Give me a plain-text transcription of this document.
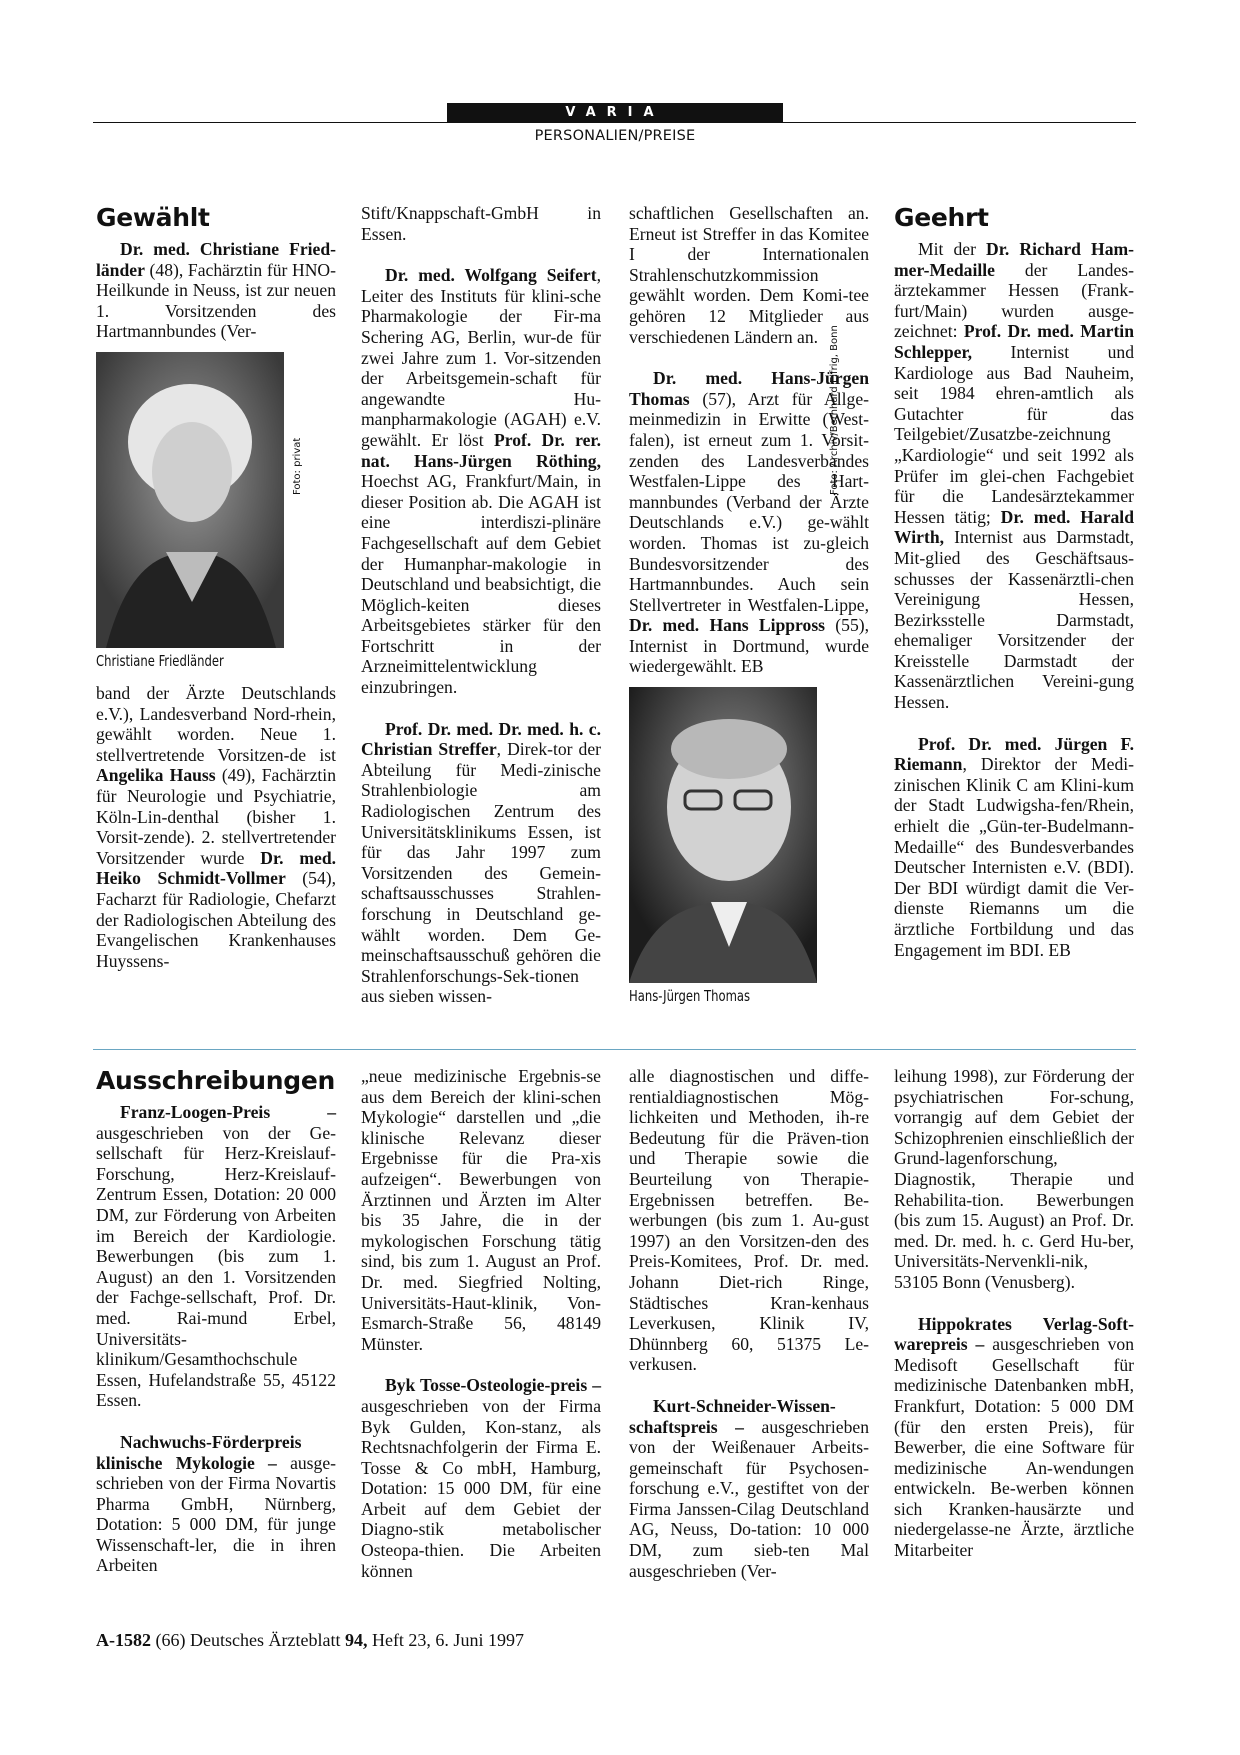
VARIA
PERSONALIEN/PREISE
Gewählt

Dr. med. Christiane Fried-länder (48), Fachärztin für HNO-Heilkunde in Neuss, ist zur neuen 1. Vorsitzenden des Hartmannbundes (Ver-

Foto: privat
Christiane Friedländer

band der Ärzte Deutschlands e.V.), Landesverband Nord-rhein, gewählt worden. Neue 1. stellvertretende Vorsitzen-de ist Angelika Hauss (49), Fachärztin für Neurologie und Psychiatrie, Köln-Lin-denthal (bisher 1. Vorsit-zende). 2. stellvertretender Vorsitzender wurde Dr. med. Heiko Schmidt-Vollmer (54), Facharzt für Radiologie, Chefarzt der Radiologischen Abteilung des Evangelischen Krankenhauses Huyssens-

Stift/Knappschaft-GmbH in Essen.

Dr. med. Wolfgang Seifert, Leiter des Instituts für klini-sche Pharmakologie der Fir-ma Schering AG, Berlin, wur-de für zwei Jahre zum 1. Vor-sitzenden der Arbeitsgemein-schaft für angewandte Hu-manpharmakologie (AGAH) e.V. gewählt. Er löst Prof. Dr. rer. nat. Hans-Jürgen Röthing, Hoechst AG, Frankfurt/Main, in dieser Position ab. Die AGAH ist eine interdiszi-plinäre Fachgesellschaft auf dem Gebiet der Humanphar-makologie in Deutschland und beabsichtigt, die Möglich-keiten dieses Arbeitsgebietes stärker für den Fortschritt in der Arzneimittelentwicklung einzubringen.

Prof. Dr. med. Dr. med. h. c. Christian Streffer, Direk-tor der Abteilung für Medi-zinische Strahlenbiologie am Radiologischen Zentrum des Universitätsklinikums Essen, ist für das Jahr 1997 zum Vorsitzenden des Gemein-schaftsausschusses Strahlen-forschung in Deutschland ge-wählt worden. Dem Ge-meinschaftsausschuß gehören die Strahlenforschungs-Sek-tionen aus sieben wissen-

schaftlichen Gesellschaften an. Erneut ist Streffer in das Komitee I der Internationalen Strahlenschutzkommission gewählt worden. Dem Komi-tee gehören 12 Mitglieder aus verschiedenen Ländern an.

Dr. med. Hans-Jürgen Thomas (57), Arzt für Allge-meinmedizin in Erwitte (West-falen), ist erneut zum 1. Vorsit-zenden des Landesverbandes Westfalen-Lippe des Hart-mannbundes (Verband der Ärzte Deutschlands e.V.) ge-wählt worden. Thomas ist zu-gleich Bundesvorsitzender des Hartmannbundes. Auch sein Stellvertreter in Westfalen-Lippe, Dr. med. Hans Lippross (55), Internist in Dortmund, wurde wiedergewählt. EB

Foto: Archiv/Bernhard Eifrig, Bonn
Hans-Jürgen Thomas
Geehrt

Mit der Dr. Richard Ham-mer-Medaille der Landes-ärztekammer Hessen (Frank-furt/Main) wurden ausge-zeichnet: Prof. Dr. med. Martin Schlepper, Internist und Kardiologe aus Bad Nauheim, seit 1984 ehren-amtlich als Gutachter für das Teilgebiet/Zusatzbe-zeichnung „Kardiologie“ und seit 1992 als Prüfer im glei-chen Fachgebiet für die Landesärztekammer Hessen tätig; Dr. med. Harald Wirth, Internist aus Darmstadt, Mit-glied des Geschäftsaus-schusses der Kassenärztli-chen Vereinigung Hessen, Bezirksstelle Darmstadt, ehemaliger Vorsitzender der Kreisstelle Darmstadt der Kassenärztlichen Vereini-gung Hessen.

Prof. Dr. med. Jürgen F. Riemann, Direktor der Medi-zinischen Klinik C am Klini-kum der Stadt Ludwigsha-fen/Rhein, erhielt die „Gün-ter-Budelmann-Medaille“ des Bundesverbandes Deutscher Internisten e.V. (BDI). Der BDI würdigt damit die Ver-dienste Riemanns um die ärztliche Fortbildung und das Engagement im BDI. EB

Ausschreibungen

Franz-Loogen-Preis – ausgeschrieben von der Ge-sellschaft für Herz-Kreislauf-Forschung, Herz-Kreislauf-Zentrum Essen, Dotation: 20 000 DM, zur Förderung von Arbeiten im Bereich der Kardiologie. Bewerbungen (bis zum 1. August) an den 1. Vorsitzenden der Fachge-sellschaft, Prof. Dr. med. Rai-mund Erbel, Universitäts-klinikum/Gesamthochschule Essen, Hufelandstraße 55, 45122 Essen.

Nachwuchs-Förderpreis klinische Mykologie – ausge-schrieben von der Firma Novartis Pharma GmbH, Nürnberg, Dotation: 5 000 DM, für junge Wissenschaft-ler, die in ihren Arbeiten

„neue medizinische Ergebnis-se aus dem Bereich der klini-schen Mykologie“ darstellen und „die klinische Relevanz dieser Ergebnisse für die Pra-xis aufzeigen“. Bewerbungen von Ärztinnen und Ärzten im Alter bis 35 Jahre, die in der mykologischen Forschung tätig sind, bis zum 1. August an Prof. Dr. med. Siegfried Nolting, Universitäts-Haut-klinik, Von-Esmarch-Straße 56, 48149 Münster.

Byk Tosse-Osteologie-preis – ausgeschrieben von der Firma Byk Gulden, Kon-stanz, als Rechtsnachfolgerin der Firma E. Tosse & Co mbH, Hamburg, Dotation: 15 000 DM, für eine Arbeit auf dem Gebiet der Diagno-stik metabolischer Osteopa-thien. Die Arbeiten können

alle diagnostischen und diffe-rentialdiagnostischen Mög-lichkeiten und Methoden, ih-re Bedeutung für die Präven-tion und Therapie sowie die Beurteilung von Therapie-Ergebnissen betreffen. Be-werbungen (bis zum 1. Au-gust 1997) an den Vorsitzen-den des Preis-Komitees, Prof. Dr. med. Johann Diet-rich Ringe, Städtisches Kran-kenhaus Leverkusen, Klinik IV, Dhünnberg 60, 51375 Le-verkusen.

Kurt-Schneider-Wissen-schaftspreis – ausgeschrieben von der Weißenauer Arbeits-gemeinschaft für Psychosen-forschung e.V., gestiftet von der Firma Janssen-Cilag Deutschland AG, Neuss, Do-tation: 10 000 DM, zum sieb-ten Mal ausgeschrieben (Ver-

leihung 1998), zur Förderung der psychiatrischen For-schung, vorrangig auf dem Gebiet der Schizophrenien einschließlich der Grund-lagenforschung, Diagnostik, Therapie und Rehabilita-tion. Bewerbungen (bis zum 15. August) an Prof. Dr. med. Dr. med. h. c. Gerd Hu-ber, Universitäts-Nervenkli-nik, 53105 Bonn (Venusberg).

Hippokrates Verlag-Soft-warepreis – ausgeschrieben von Medisoft Gesellschaft für medizinische Datenbanken mbH, Frankfurt, Dotation: 5 000 DM (für den ersten Preis), für Bewerber, die eine Software für medizinische An-wendungen entwickeln. Be-werben können sich Kranken-hausärzte und niedergelasse-ne Ärzte, ärztliche Mitarbeiter

A-1582 (66) Deutsches Ärzteblatt 94, Heft 23, 6. Juni 1997
